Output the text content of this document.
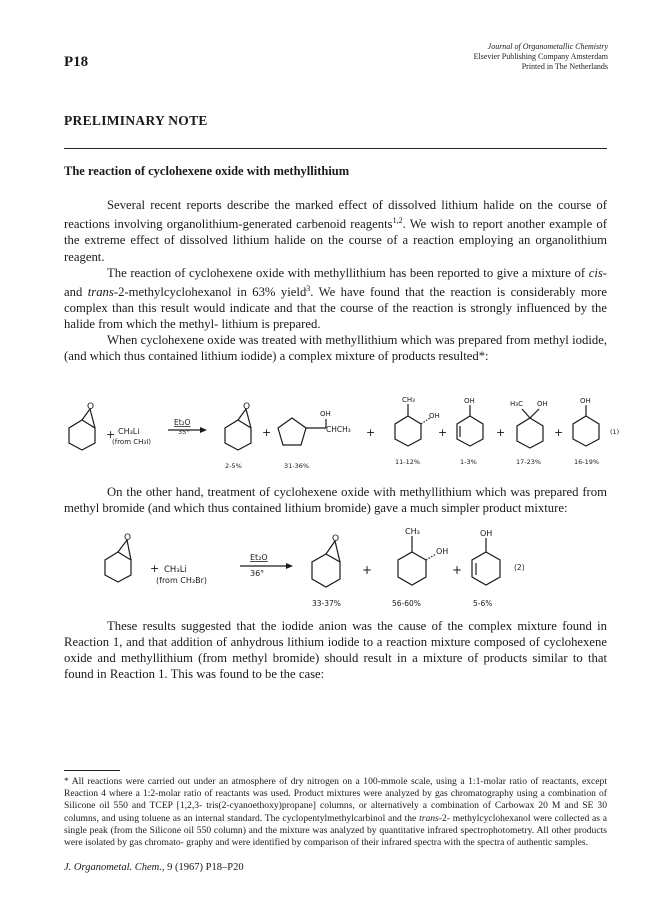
P18
Journal of Organometallic Chemistry
Elsevier Publishing Company Amsterdam
Printed in The Netherlands
PRELIMINARY NOTE
The reaction of cyclohexene oxide with methyllithium

Several recent reports describe the marked effect of dissolved lithium halide on the course of reactions involving organolithium-generated carbenoid reagents$^{1,2}$. We wish to report another example of the extreme effect of dissolved lithium halide on the course of a reaction employing an organolithium reagent.

The reaction of cyclohexene oxide with methyllithium has been reported to give a mixture of cis- and trans-2-methylcyclohexanol in 63% yield$^3$. We have found that the reaction is considerably more complex than this result would indicate and that the course of the reaction is strongly influenced by the halide from which the methyl- lithium is prepared.

When cyclohexene oxide was treated with methyllithium which was prepared from methyl iodide, (and which thus contained lithium iodide) a complex mixture of products resulted*:

O
+ CH₃Li
(from CH₃I)
Et₂O
35°
O
+
OH
CHCH₃ +
CH₃
OH
+
OH
+
H₃C OH
+
OH
(1)
2-5%	31-36%	11-12%	1-3%	17-23%	16-19%

On the other hand, treatment of cyclohexene oxide with methyllithium which was prepared from methyl bromide (and which thus contained lithium bromide) gave a much simpler product mixture:

O
+ CH₃Li
(from CH₃Br)
Et₂O
36°
O
+
CH₃
OH
+
OH
(2)
33-37%	56-60%	5-6%

These results suggested that the iodide anion was the cause of the complex mixture found in Reaction 1, and that addition of anhydrous lithium iodide to a reaction mixture composed of cyclohexene oxide and methyllithium (from methyl bromide) should result in a mixture of products similar to that found in Reaction 1. This was found to be the case:

* All reactions were carried out under an atmosphere of dry nitrogen on a 100-mmole scale, using a 1:1-molar ratio of reactants, except Reaction 4 where a 1:2-molar ratio of reactants was used. Product mixtures were analyzed by gas chromatography using a combination of Silicone oil 550 and TCEP [1,2,3- tris(2-cyanoethoxy)propane] columns, or alternatively a combination of Carbowax 20 M and SE 30 columns, and using toluene as an internal standard. The cyclopentylmethylcarbinol and the trans-2- methylcyclohexanol were collected as a single peak (from the Silicone oil 550 column) and the mixture was analyzed by quantitative infrared spectrophotometry. All other products were isolated by gas chromato- graphy and were identified by comparison of their infrared spectra with the spectra of authentic samples.

J. Organometal. Chem., 9 (1967) P18–P20
